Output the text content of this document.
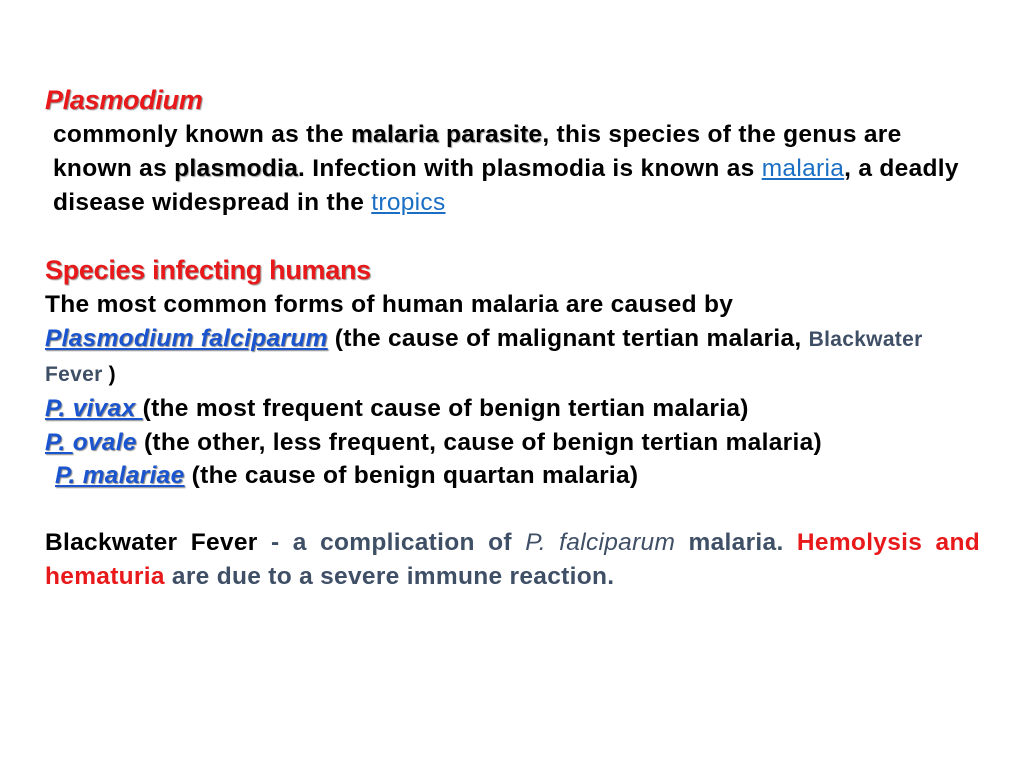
Plasmodium

commonly known as the malaria parasite, this species of the genus are known as plasmodia. Infection with plasmodia is known as malaria, a deadly disease widespread in the tropics

Species infecting humans

The most common forms of human malaria are caused by
Plasmodium falciparum (the cause of malignant tertian malaria, Blackwater Fever )
P. vivax (the most frequent cause of benign tertian malaria)
P. ovale (the other, less frequent, cause of benign tertian malaria)
P. malariae (the cause of benign quartan malaria)

Blackwater Fever - a complication of P. falciparum malaria. Hemolysis and hematuria are due to a severe immune reaction.
